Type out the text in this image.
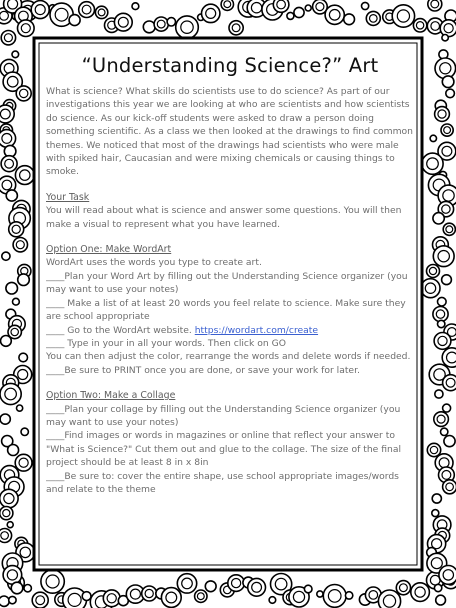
“Understanding Science?” Art

What is science? What skills do scientists use to do science? As part of our investigations this year we are looking at who are scientists and how scientists do science. As our kick-off students were asked to draw a person doing something scientific. As a class we then looked at the drawings to find common themes. We noticed that most of the drawings had scientists who were male with spiked hair, Caucasian and were mixing chemicals or causing things to smoke.

Your Task

You will read about what is science and answer some questions. You will then make a visual to represent what you have learned.

Option One: Make WordArt

WordArt uses the words you type to create art.

____Plan your Word Art by filling out the Understanding Science organizer (you may want to use your notes)

____ Make a list of at least 20 words you feel relate to science. Make sure they are school appropriate

____ Go to the WordArt website. https://wordart.com/create

____ Type in your in all your words. Then click on GO

You can then adjust the color, rearrange the words and delete words if needed.

____Be sure to PRINT once you are done, or save your work for later.

Option Two: Make a Collage

____Plan your collage by filling out the Understanding Science organizer (you may want to use your notes)

____Find images or words in magazines or online that reflect your answer to "What is Science?" Cut them out and glue to the collage. The size of the final project should be at least 8 in x 8in

____Be sure to: cover the entire shape, use school appropriate images/words and relate to the theme
